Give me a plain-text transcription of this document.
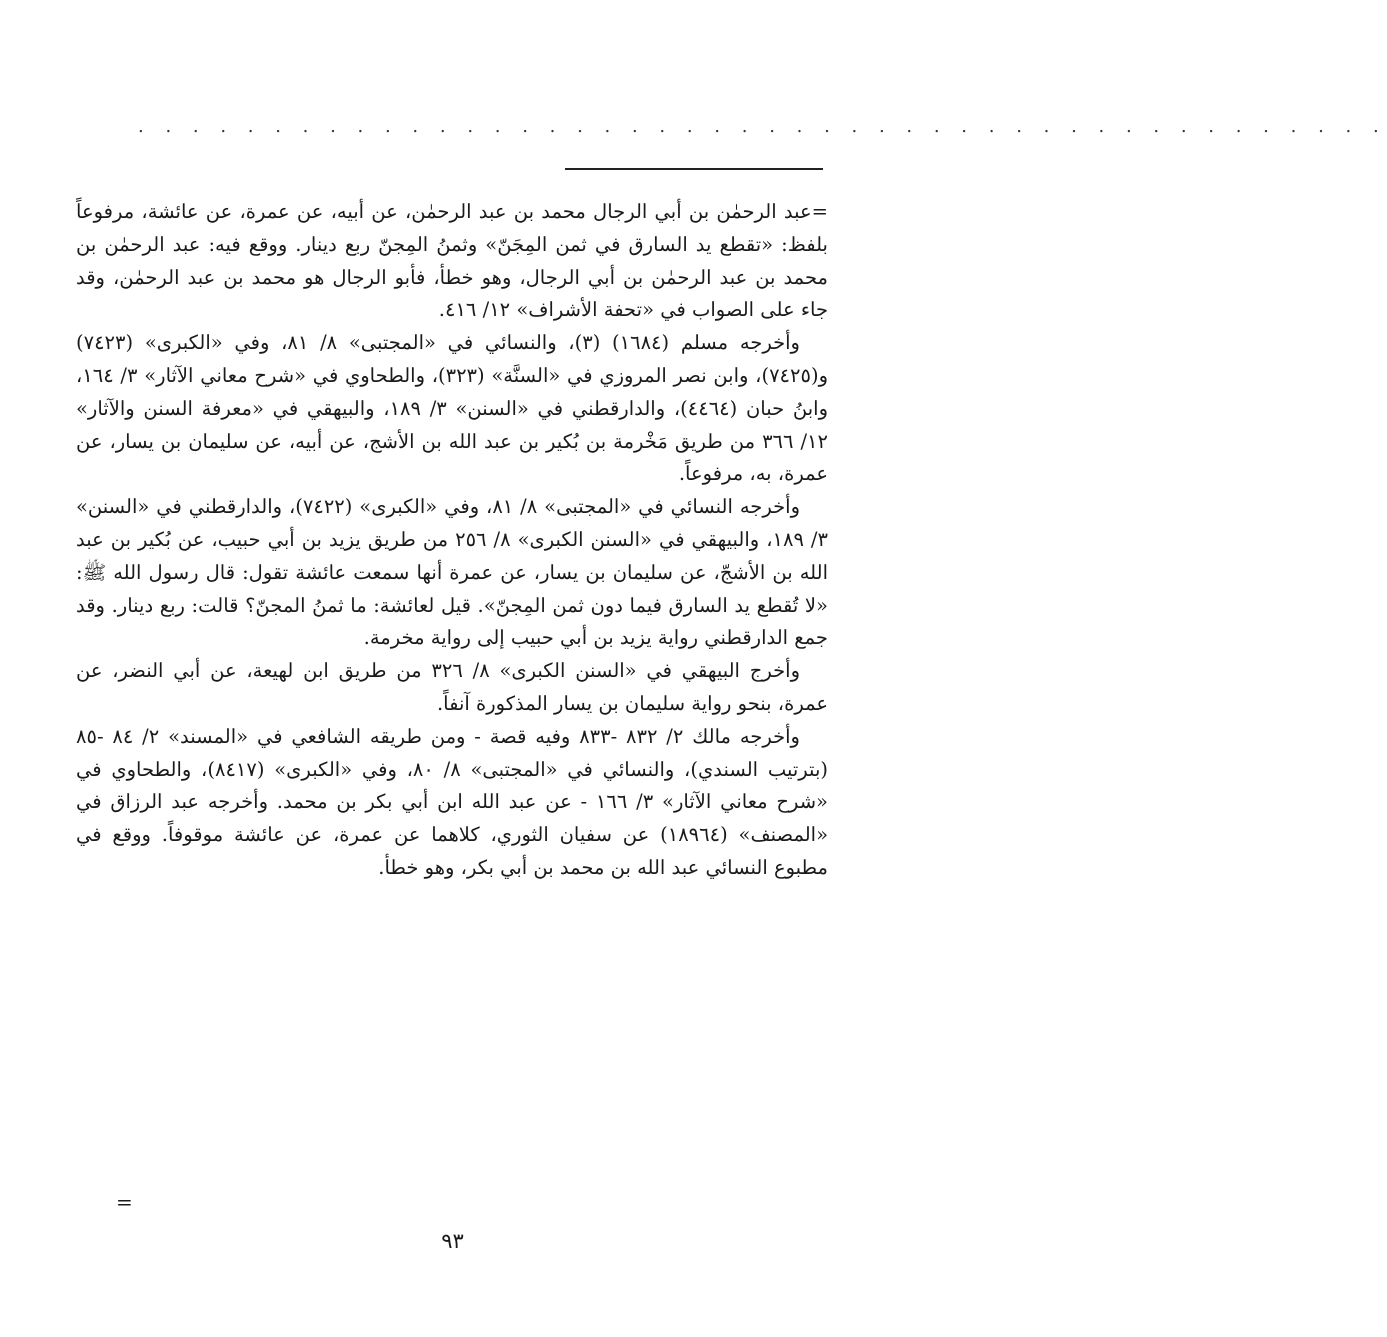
. . . . . . . . . . . . . . . . . . . . . . . . . . . . . . . . . . . . . . . . . . . . . .

=عبد الرحمٰن بن أبي الرجال محمد بن عبد الرحمٰن، عن أبيه، عن عمرة، عن عائشة، مرفوعاً بلفظ: «تقطع يد السارق في ثمن المِجَنّ» وثمنُ المِجنّ ربع دينار. ووقع فيه: عبد الرحمٰن بن محمد بن عبد الرحمٰن بن أبي الرجال، وهو خطأ، فأبو الرجال هو محمد بن عبد الرحمٰن، وقد جاء على الصواب في «تحفة الأشراف» ١٢/ ٤١٦.

وأخرجه مسلم (١٦٨٤) (٣)، والنسائي في «المجتبى» ٨/ ٨١، وفي «الكبرى» (٧٤٢٣) و(٧٤٢٥)، وابن نصر المروزي في «السنَّة» (٣٢٣)، والطحاوي في «شرح معاني الآثار» ٣/ ١٦٤، وابنُ حبان (٤٤٦٤)، والدارقطني في «السنن» ٣/ ١٨٩، والبيهقي في «معرفة السنن والآثار» ١٢/ ٣٦٦ من طريق مَخْرمة بن بُكير بن عبد الله بن الأشج، عن أبيه، عن سليمان بن يسار، عن عمرة، به، مرفوعاً.

وأخرجه النسائي في «المجتبى» ٨/ ٨١، وفي «الكبرى» (٧٤٢٢)، والدارقطني في «السنن» ٣/ ١٨٩، والبيهقي في «السنن الكبرى» ٨/ ٢٥٦ من طريق يزيد بن أبي حبيب، عن بُكير بن عبد الله بن الأشجّ، عن سليمان بن يسار، عن عمرة أنها سمعت عائشة تقول: قال رسول الله ﷺ: «لا تُقطع يد السارق فيما دون ثمن المِجنّ». قيل لعائشة: ما ثمنُ المجنّ؟ قالت: ربع دينار. وقد جمع الدارقطني رواية يزيد بن أبي حبيب إلى رواية مخرمة.

وأخرج البيهقي في «السنن الكبرى» ٨/ ٣٢٦ من طريق ابن لهيعة، عن أبي النضر، عن عمرة، بنحو رواية سليمان بن يسار المذكورة آنفاً.

وأخرجه مالك ٢/ ٨٣٢ -٨٣٣ وفيه قصة - ومن طريقه الشافعي في «المسند» ٢/ ٨٤ -٨٥ (بترتيب السندي)، والنسائي في «المجتبى» ٨/ ٨٠، وفي «الكبرى» (٨٤١٧)، والطحاوي في «شرح معاني الآثار» ٣/ ١٦٦ - عن عبد الله ابن أبي بكر بن محمد. وأخرجه عبد الرزاق في «المصنف» (١٨٩٦٤) عن سفيان الثوري، كلاهما عن عمرة، عن عائشة موقوفاً. ووقع في مطبوع النسائي عبد الله بن محمد بن أبي بكر، وهو خطأ.

=
٩٣
